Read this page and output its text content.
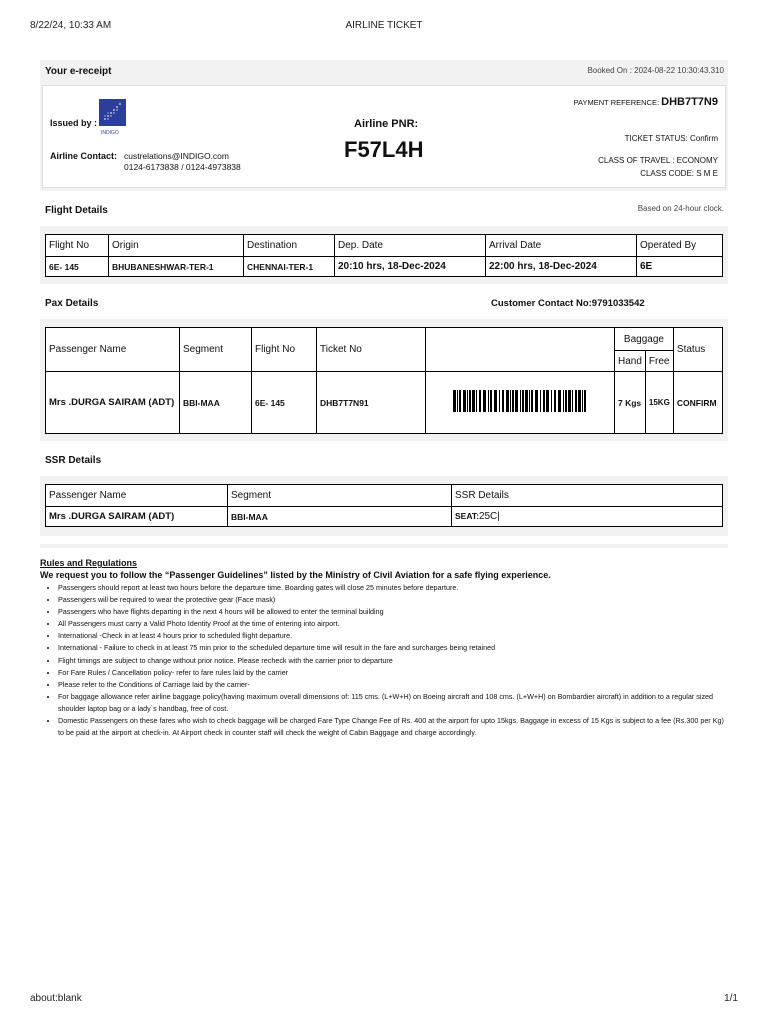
8/22/24, 10:33 AM	AIRLINE TICKET
Your e-receipt	Booked On : 2024-08-22 10:30:43.310
Issued by :
INDIGO
Airline Contact: custrelations@INDIGO.com
0124-6173838 / 0124-4973838
Airline PNR:
F57L4H
PAYMENT REFERENCE: DHB7T7N9
TICKET STATUS: Confirm
CLASS OF TRAVEL : ECONOMY
CLASS CODE: S M E
Flight Details	Based on 24-hour clock.
Flight No	Origin	Destination	Dep. Date	Arrival Date	Operated By
6E- 145	BHUBANESHWAR-TER-1	CHENNAI-TER-1	20:10 hrs, 18-Dec-2024	22:00 hrs, 18-Dec-2024	6E
Pax Details	Customer Contact No:9791033542
Passenger Name	Segment	Flight No	Ticket No		Baggage		Status
					Hand	Free	
Mrs .DURGA SAIRAM (ADT)	BBI-MAA	6E- 145	DHB7T7N91		7 Kgs	15KG	CONFIRM
SSR Details
Passenger Name	Segment	SSR Details
Mrs .DURGA SAIRAM (ADT)	BBI-MAA	SEAT:25C|
Rules and Regulations
We request you to follow the “Passenger Guidelines” listed by the Ministry of Civil Aviation for a safe flying experience.
• Passengers should report at least two hours before the departure time. Boarding gates will close 25 minutes before departure.
• Passengers will be required to wear the protective gear (Face mask)
• Passengers who have flights departing in the next 4 hours will be allowed to enter the terminal building
• All Passengers must carry a Valid Photo Identity Proof at the time of entering into airport.
• International -Check in at least 4 hours prior to scheduled flight departure.
• International - Failure to check in at least 75 min prior to the scheduled departure time will result in the fare and surcharges being retained
• Flight timings are subject to change without prior notice. Please recheck with the carrier prior to departure
• For Fare Rules / Cancellation policy- refer to fare rules laid by the carrier
• Please refer to the Conditions of Carriage laid by the carrier-
• For baggage allowance refer airline baggage policy(having maximum overall dimensions of: 115 cms. (L+W+H) on Boeing aircraft and 108 cms. (L+W+H) on Bombardier aircraft) in addition to a regular sized shoulder laptop bag or a lady`s handbag, free of cost.
• Domestic Passengers on these fares who wish to check baggage will be charged Fare Type Change Fee of Rs. 400 at the airport for upto 15kgs. Baggage in excess of 15 Kgs is subject to a fee (Rs.300 per Kg) to be paid at the airport at check-in. At Airport check in counter staff will check the weight of Cabin Baggage and charge accordingly.
about:blank	1/1
